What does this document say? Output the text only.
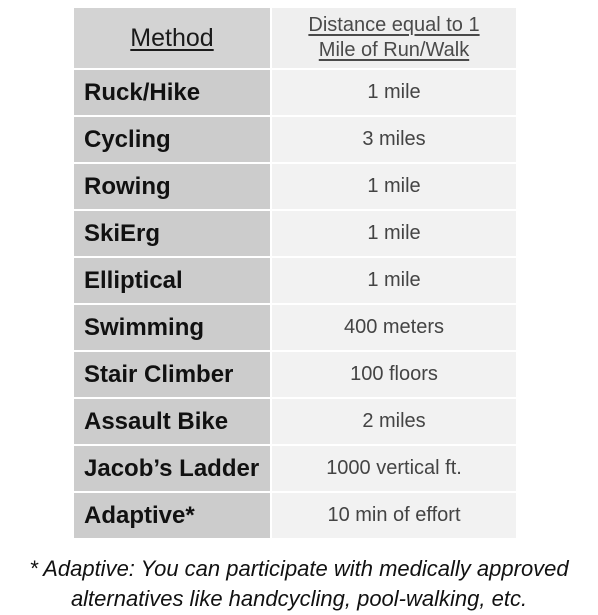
Method	Distance equal to 1
Mile of Run/Walk
Ruck/Hike	1 mile
Cycling	3 miles
Rowing	1 mile
SkiErg	1 mile
Elliptical	1 mile
Swimming	400 meters
Stair Climber	100 floors
Assault Bike	2 miles
Jacob’s Ladder	1000 vertical ft.
Adaptive*	10 min of effort
* Adaptive: You can participate with medically approved
alternatives like handcycling, pool-walking, etc.
